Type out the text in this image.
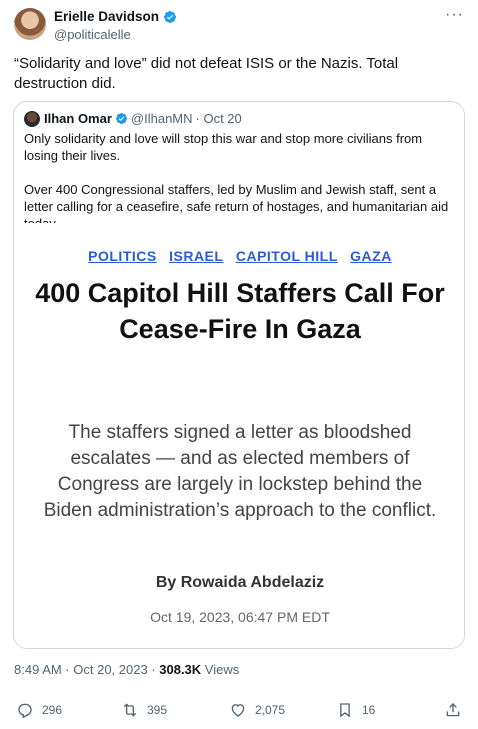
Erielle Davidson
@politicalelle
···
“Solidarity and love” did not defeat ISIS or the Nazis. Total destruction did.
Ilhan Omar @IlhanMN · Oct 20

Only solidarity and love will stop this war and stop more civilians from losing their lives.

Over 400 Congressional staffers, led by Muslim and Jewish staff, sent a letter calling for a ceasefire, safe return of hostages, and humanitarian aid

POLITICS ISRAEL CAPITOL HILL GAZA
400 Capitol Hill Staffers Call For Cease-Fire In Gaza
The staffers signed a letter as bloodshed escalates — and as elected members of Congress are largely in lockstep behind the Biden administration’s approach to the conflict.
By Rowaida Abdelaziz
Oct 19, 2023, 06:47 PM EDT
8:49 AM · Oct 20, 2023 · 308.3K Views
296	395	2,075	16
